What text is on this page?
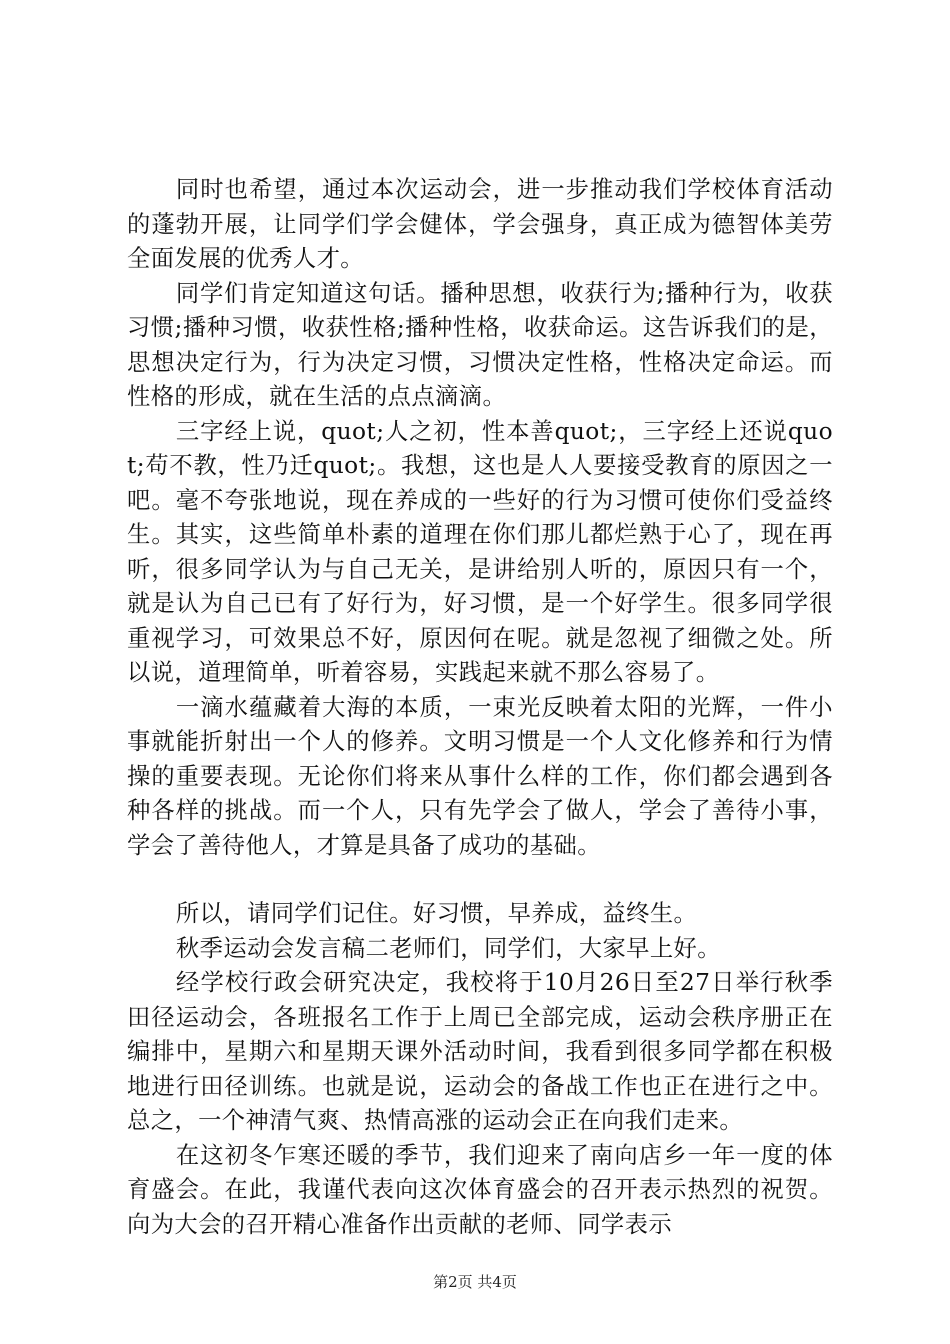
同时也希望，通过本次运动会，进一步推动我们学校体育活动的蓬勃开展，让同学们学会健体，学会强身，真正成为德智体美劳全面发展的优秀人才。

同学们肯定知道这句话。播种思想，收获行为;播种行为，收获习惯;播种习惯，收获性格;播种性格，收获命运。这告诉我们的是，思想决定行为，行为决定习惯，习惯决定性格，性格决定命运。而性格的形成，就在生活的点点滴滴。

三字经上说，quot;人之初，性本善quot;，三字经上还说quot;苟不教，性乃迁quot;。我想，这也是人人要接受教育的原因之一吧。毫不夸张地说，现在养成的一些好的行为习惯可使你们受益终生。其实，这些简单朴素的道理在你们那儿都烂熟于心了，现在再听，很多同学认为与自己无关，是讲给别人听的，原因只有一个，就是认为自己已有了好行为，好习惯，是一个好学生。很多同学很重视学习，可效果总不好，原因何在呢。就是忽视了细微之处。所以说，道理简单，听着容易，实践起来就不那么容易了。

一滴水蕴藏着大海的本质，一束光反映着太阳的光辉，一件小事就能折射出一个人的修养。文明习惯是一个人文化修养和行为情操的重要表现。无论你们将来从事什么样的工作，你们都会遇到各种各样的挑战。而一个人，只有先学会了做人，学会了善待小事，学会了善待他人，才算是具备了成功的基础。

所以，请同学们记住。好习惯，早养成，益终生。

秋季运动会发言稿二老师们，同学们，大家早上好。

经学校行政会研究决定，我校将于10月26日至27日举行秋季田径运动会，各班报名工作于上周已全部完成，运动会秩序册正在编排中，星期六和星期天课外活动时间，我看到很多同学都在积极地进行田径训练。也就是说，运动会的备战工作也正在进行之中。总之，一个神清气爽、热情高涨的运动会正在向我们走来。

在这初冬乍寒还暖的季节，我们迎来了南向店乡一年一度的体育盛会。在此，我谨代表向这次体育盛会的召开表示热烈的祝贺。向为大会的召开精心准备作出贡献的老师、同学表示

第2页 共4页
